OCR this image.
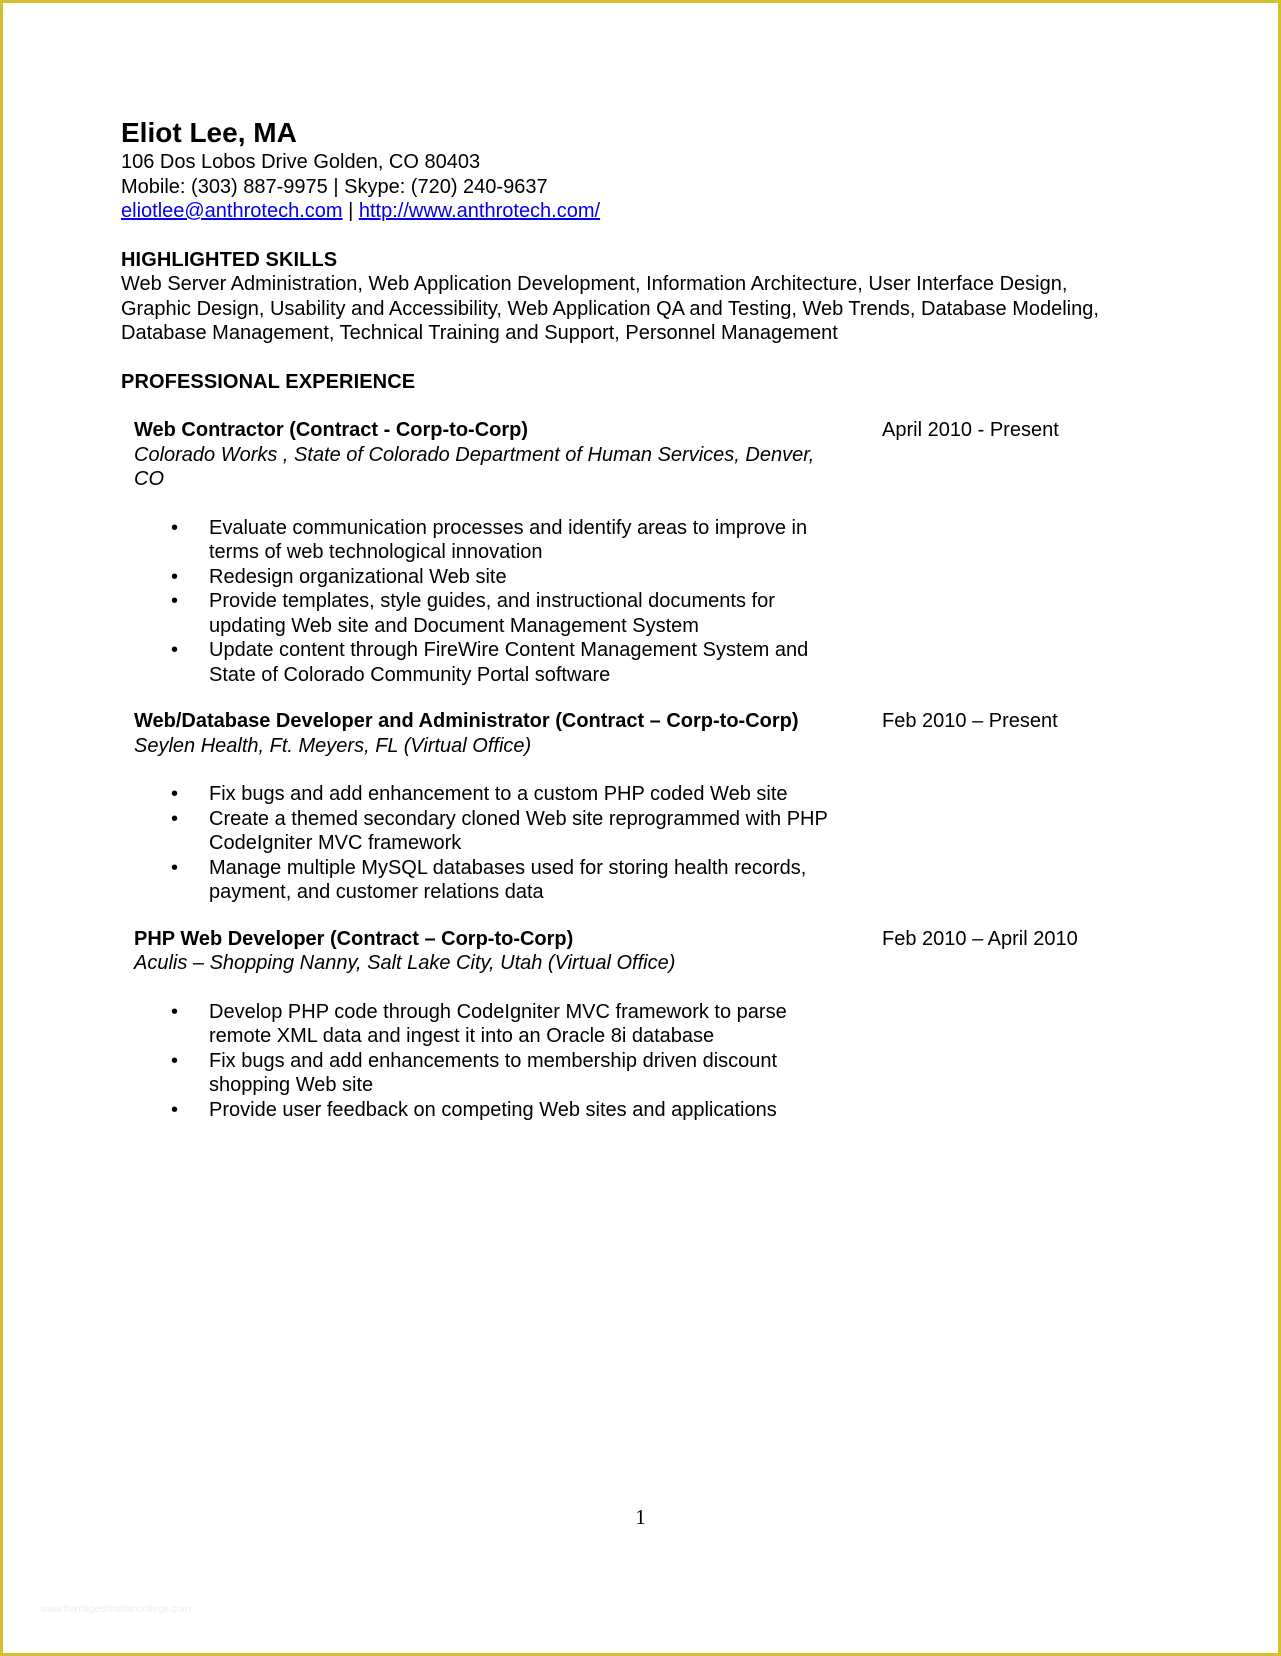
Eliot Lee, MA

106 Dos Lobos Drive Golden, CO 80403

Mobile: (303) 887-9975 | Skype: (720) 240-9637

eliotlee@anthrotech.com | http://www.anthrotech.com/

HIGHLIGHTED SKILLS

Web Server Administration, Web Application Development, Information Architecture, User Interface Design,

Graphic Design, Usability and Accessibility, Web Application QA and Testing, Web Trends, Database Modeling,

Database Management, Technical Training and Support, Personnel Management

PROFESSIONAL EXPERIENCE

Web Contractor (Contract - Corp-to-Corp)

Colorado Works , State of Colorado Department of Human Services, Denver,

CO

April 2010 - Present
• Evaluate communication processes and identify areas to improve in
terms of web technological innovation
• Redesign organizational Web site
• Provide templates, style guides, and instructional documents for
updating Web site and Document Management System
• Update content through FireWire Content Management System and
State of Colorado Community Portal software

Web/Database Developer and Administrator (Contract – Corp-to-Corp)

Seylen Health, Ft. Meyers, FL (Virtual Office)

Feb 2010 – Present
• Fix bugs and add enhancement to a custom PHP coded Web site
• Create a themed secondary cloned Web site reprogrammed with PHP
CodeIgniter MVC framework
• Manage multiple MySQL databases used for storing health records,
payment, and customer relations data

PHP Web Developer (Contract – Corp-to-Corp)

Aculis – Shopping Nanny, Salt Lake City, Utah (Virtual Office)

Feb 2010 – April 2010
• Develop PHP code through CodeIgniter MVC framework to parse
remote XML data and ingest it into an Oracle 8i database
• Fix bugs and add enhancements to membership driven discount
shopping Web site
• Provide user feedback on competing Web sites and applications
1
www.heritagechristiancollege.com
